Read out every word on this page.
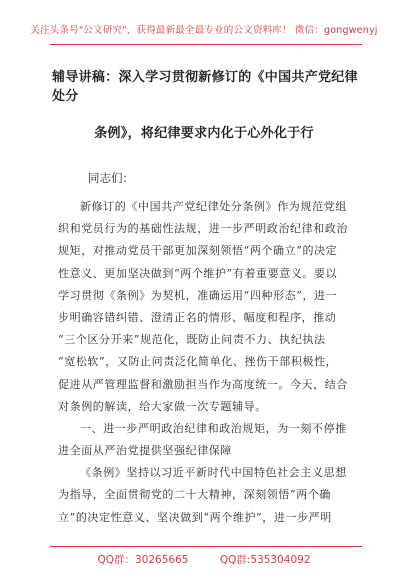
关注头条号"公文研究"，获得最新最全最专业的公文资料库！ 微信：gongwenyj
辅导讲稿：深入学习贯彻新修订的《中国共产党纪律处分
条例》，将纪律要求内化于心外化于行
同志们：
新修订的《中国共产党纪律处分条例》作为规范党组
织和党员行为的基础性法规，进一步严明政治纪律和政治
规矩，对推动党员干部更加深刻领悟“两个确立”的决定
性意义、更加坚决做到“两个维护”有着重要意义。要以
学习贯彻《条例》为契机，准确运用“四种形态”，进一
步明确容错纠错、澄清正名的情形、幅度和程序，推动
“三个区分开来”规范化，既防止问责不力、执纪执法
“宽松软”，又防止问责泛化简单化、挫伤干部积极性，
促进从严管理监督和激励担当作为高度统一。今天，结合
对条例的解读，给大家做一次专题辅导。
一、进一步严明政治纪律和政治规矩，为一刻不停推
进全面从严治党提供坚强纪律保障
《条例》坚持以习近平新时代中国特色社会主义思想
为指导，全面贯彻党的二十大精神，深刻领悟“两个确
立”的决定性意义、坚决做到“两个维护”，进一步严明
QQ群：30265665	QQ群:535304092
